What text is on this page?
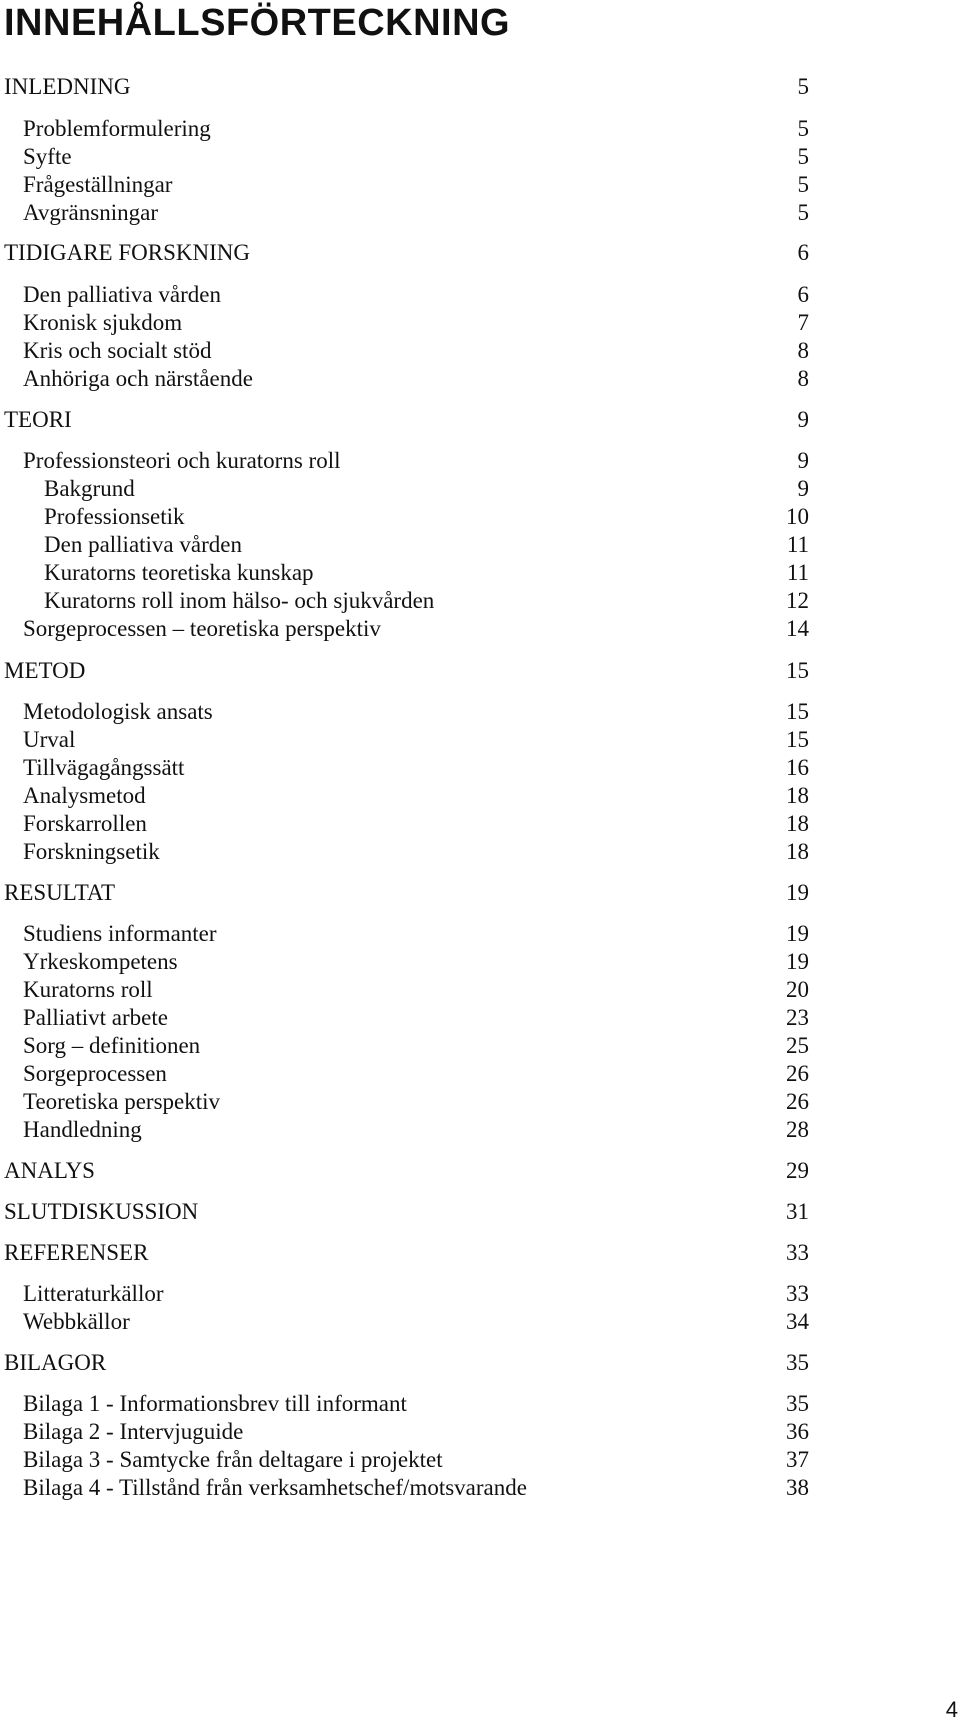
INNEHÅLLSFÖRTECKNING
INLEDNING	5
Problemformulering	5
Syfte	5
Frågeställningar	5
Avgränsningar	5
TIDIGARE FORSKNING	6
Den palliativa vården	6
Kronisk sjukdom	7
Kris och socialt stöd	8
Anhöriga och närstående	8
TEORI	9
Professionsteori och kuratorns roll	9
Bakgrund	9
Professionsetik	10
Den palliativa vården	11
Kuratorns teoretiska kunskap	11
Kuratorns roll inom hälso- och sjukvården	12
Sorgeprocessen – teoretiska perspektiv	14
METOD	15
Metodologisk ansats	15
Urval	15
Tillvägagångssätt	16
Analysmetod	18
Forskarrollen	18
Forskningsetik	18
RESULTAT	19
Studiens informanter	19
Yrkeskompetens	19
Kuratorns roll	20
Palliativt arbete	23
Sorg – definitionen	25
Sorgeprocessen	26
Teoretiska perspektiv	26
Handledning	28
ANALYS	29
SLUTDISKUSSION	31
REFERENSER	33
Litteraturkällor	33
Webbkällor	34
BILAGOR	35
Bilaga 1 - Informationsbrev till informant	35
Bilaga 2 - Intervjuguide	36
Bilaga 3 - Samtycke från deltagare i projektet	37
Bilaga 4 - Tillstånd från verksamhetschef/motsvarande	38
4
